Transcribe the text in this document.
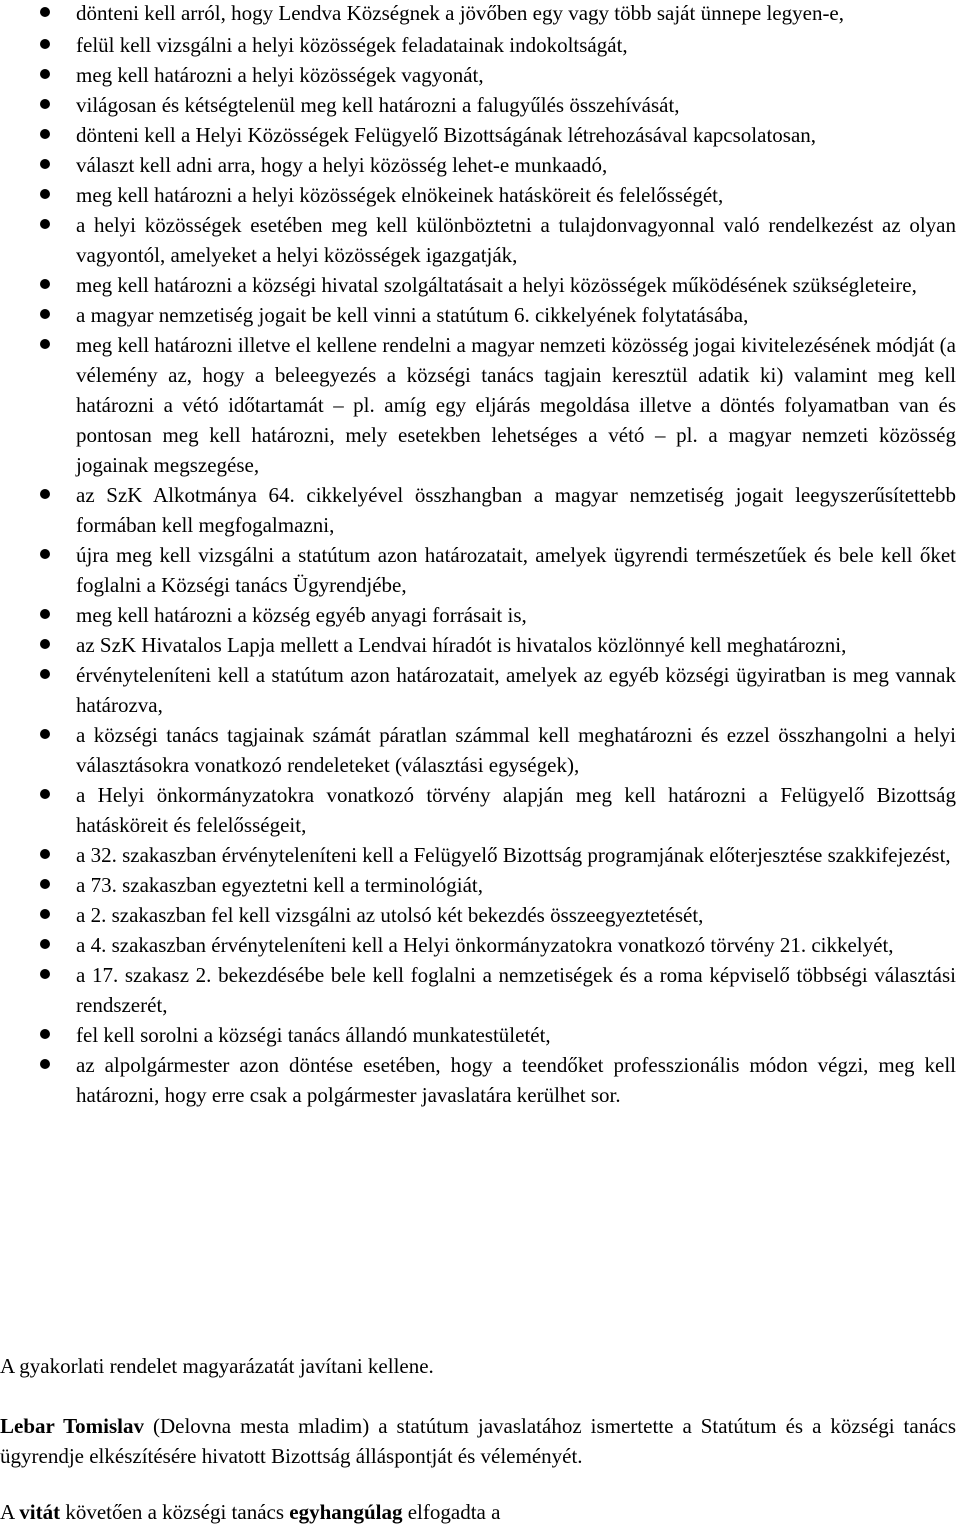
dönteni kell arról, hogy Lendva Községnek a jövőben egy vagy több saját ünnepe legyen-e,
felül kell vizsgálni a helyi közösségek feladatainak indokoltságát,
meg kell határozni a helyi közösségek vagyonát,
világosan és kétségtelenül meg kell határozni a falugyűlés összehívását,
dönteni kell a Helyi Közösségek Felügyelő Bizottságának létrehozásával kapcsolatosan,
választ kell adni arra, hogy a helyi közösség lehet-e munkaadó,
meg kell határozni a helyi közösségek elnökeinek hatásköreit és felelősségét,
a helyi közösségek esetében meg kell különböztetni a tulajdonvagyonnal való rendelkezést az olyan vagyontól, amelyeket a helyi közösségek igazgatják,
meg kell határozni a községi hivatal szolgáltatásait a helyi közösségek működésének szükségleteire,
a magyar nemzetiség jogait be kell vinni a statútum 6. cikkelyének folytatásába,
meg kell határozni illetve el kellene rendelni a magyar nemzeti közösség jogai kivitelezésének módját (a vélemény az, hogy a beleegyezés a községi tanács tagjain keresztül adatik ki) valamint meg kell határozni a vétó időtartamát – pl. amíg egy eljárás megoldása illetve a döntés folyamatban van és pontosan meg kell határozni, mely esetekben lehetséges a vétó – pl. a magyar nemzeti közösség jogainak megszegése,
az SzK Alkotmánya 64. cikkelyével összhangban a magyar nemzetiség jogait leegyszerűsítettebb formában kell megfogalmazni,
újra meg kell vizsgálni a statútum azon határozatait, amelyek ügyrendi természetűek és bele kell őket foglalni a Községi tanács Ügyrendjébe,
meg kell határozni a község egyéb anyagi forrásait is,
az SzK Hivatalos Lapja mellett a Lendvai híradót is hivatalos közlönnyé kell meghatározni,
érvényteleníteni kell a statútum azon határozatait, amelyek az egyéb községi ügyiratban is meg vannak határozva,
a községi tanács tagjainak számát páratlan számmal kell meghatározni és ezzel összhangolni a helyi választásokra vonatkozó rendeleteket (választási egységek),
a Helyi önkormányzatokra vonatkozó törvény alapján meg kell határozni a Felügyelő Bizottság hatásköreit és felelősségeit,
a 32. szakaszban érvényteleníteni kell a Felügyelő Bizottság programjának előterjesztése szakkifejezést,
a 73. szakaszban egyeztetni kell a terminológiát,
a 2. szakaszban fel kell vizsgálni az utolsó két bekezdés összeegyeztetését,
a 4. szakaszban érvényteleníteni kell a Helyi önkormányzatokra vonatkozó törvény 21. cikkelyét,
a 17. szakasz 2. bekezdésébe bele kell foglalni a nemzetiségek és a roma képviselő többségi választási rendszerét,
fel kell sorolni a községi tanács állandó munkatestületét,
az alpolgármester azon döntése esetében, hogy a teendőket professzionális módon végzi, meg kell határozni, hogy erre csak a polgármester javaslatára kerülhet sor.
A gyakorlati rendelet magyarázatát javítani kellene.
Lebar Tomislav (Delovna mesta mladim) a statútum javaslatához ismertette a Statútum és a községi tanács ügyrendje elkészítésére hivatott Bizottság álláspontját és véleményét.
A vitát követően a községi tanács egyhangúlag elfogadta a
